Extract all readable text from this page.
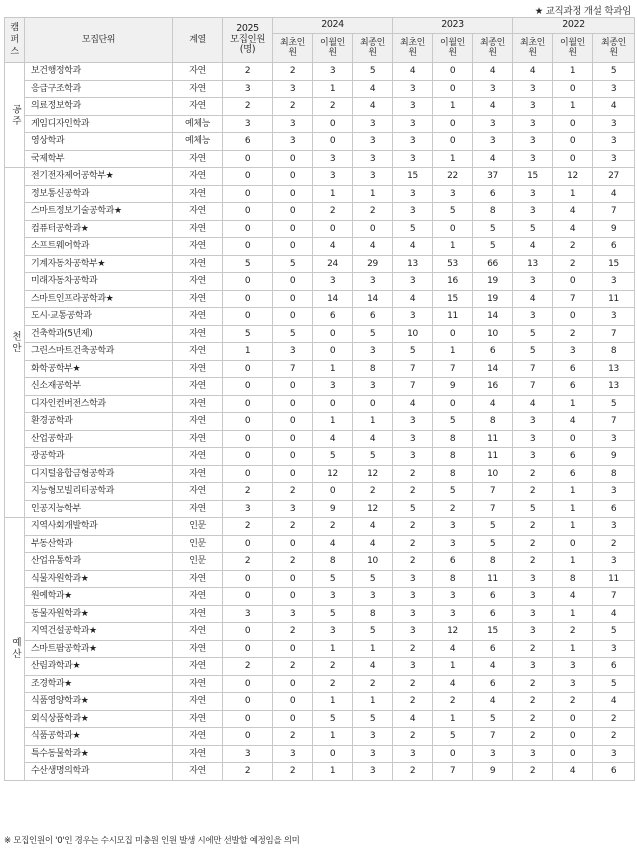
★ 교직과정 개설 학과임
캠퍼스	모집단위	계열	2025
모집인원(명)	2024			2023			2022		
				최초인원	이월인원	최종인원	최초인원	이월인원	최종인원	최초인원	이월인원	최종인원

공주	보건행정학과	자연	2	2	3	5	4	0	4	4	1	5
	응급구조학과	자연	3	3	1	4	3	0	3	3	0	3
	의료정보학과	자연	2	2	2	4	3	1	4	3	1	4
	게임디자인학과	예체능	3	3	0	3	3	0	3	3	0	3
	영상학과	예체능	6	3	0	3	3	0	3	3	0	3
	국제학부	자연	0	0	3	3	3	1	4	3	0	3

천안	전기전자제어공학부★	자연	0	0	3	3	15	22	37	15	12	27
	정보통신공학과	자연	0	0	1	1	3	3	6	3	1	4
	스마트정보기술공학과★	자연	0	0	2	2	3	5	8	3	4	7
	컴퓨터공학과★	자연	0	0	0	0	5	0	5	5	4	9
	소프트웨어학과	자연	0	0	4	4	4	1	5	4	2	6
	기계자동차공학부★	자연	5	5	24	29	13	53	66	13	2	15
	미래자동차공학과	자연	0	0	3	3	3	16	19	3	0	3
	스마트인프라공학과★	자연	0	0	14	14	4	15	19	4	7	11
	도시·교통공학과	자연	0	0	6	6	3	11	14	3	0	3
	건축학과(5년제)	자연	5	5	0	5	10	0	10	5	2	7
	그린스마트건축공학과	자연	1	3	0	3	5	1	6	5	3	8
	화학공학부★	자연	0	7	1	8	7	7	14	7	6	13
	신소재공학부	자연	0	0	3	3	7	9	16	7	6	13
	디자인컨버전스학과	자연	0	0	0	0	4	0	4	4	1	5
	환경공학과	자연	0	0	1	1	3	5	8	3	4	7
	산업공학과	자연	0	0	4	4	3	8	11	3	0	3
	광공학과	자연	0	0	5	5	3	8	11	3	6	9
	디지털융합금형공학과	자연	0	0	12	12	2	8	10	2	6	8
	지능형모빌리티공학과	자연	2	2	0	2	2	5	7	2	1	3
	인공지능학부	자연	3	3	9	12	5	2	7	5	1	6

예산	지역사회개발학과	인문	2	2	2	4	2	3	5	2	1	3
	부동산학과	인문	0	0	4	4	2	3	5	2	0	2
	산업유통학과	인문	2	2	8	10	2	6	8	2	1	3
	식물자원학과★	자연	0	0	5	5	3	8	11	3	8	11
	원예학과★	자연	0	0	3	3	3	3	6	3	4	7
	동물자원학과★	자연	3	3	5	8	3	3	6	3	1	4
	지역건설공학과★	자연	0	2	3	5	3	12	15	3	2	5
	스마트팜공학과★	자연	0	0	1	1	2	4	6	2	1	3
	산림과학과★	자연	2	2	2	4	3	1	4	3	3	6
	조경학과★	자연	0	0	2	2	2	4	6	2	3	5
	식품영양학과★	자연	0	0	1	1	2	2	4	2	2	4
	외식상품학과★	자연	0	0	5	5	4	1	5	2	0	2
	식품공학과★	자연	0	2	1	3	2	5	7	2	0	2
	특수동물학과★	자연	3	3	0	3	3	0	3	3	0	3
	수산생명의학과	자연	2	2	1	3	2	7	9	2	4	6
※ 모집인원이 '0'인 경우는 수시모집 미충원 인원 발생 시에만 선발할 예정임을 의미
